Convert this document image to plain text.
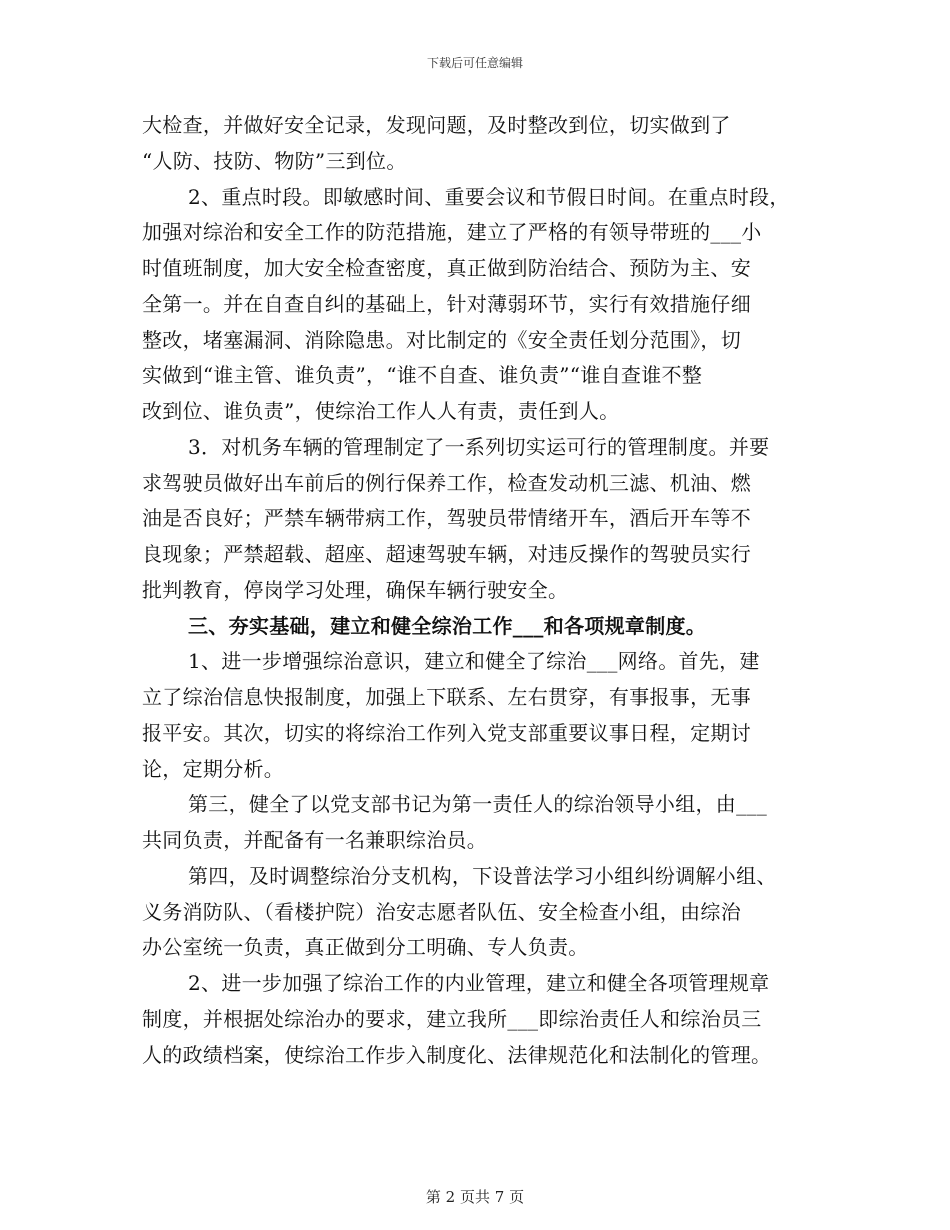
下载后可任意编辑
大检查，并做好安全记录，发现问题，及时整改到位，切实做到了
“人防、技防、物防”三到位。
2、重点时段。即敏感时间、重要会议和节假日时间。在重点时段，
加强对综治和安全工作的防范措施，建立了严格的有领导带班的___小
时值班制度，加大安全检查密度，真正做到防治结合、预防为主、安
全第一。并在自查自纠的基础上，针对薄弱环节，实行有效措施仔细
整改，堵塞漏洞、消除隐患。对比制定的《安全责任划分范围》，切
实做到“谁主管、谁负责”，“谁不自查、谁负责”“谁自查谁不整
改到位、谁负责”，使综治工作人人有责，责任到人。
3．对机务车辆的管理制定了一系列切实运可行的管理制度。并要
求驾驶员做好出车前后的例行保养工作，检查发动机三滤、机油、燃
油是否良好；严禁车辆带病工作，驾驶员带情绪开车，酒后开车等不
良现象；严禁超载、超座、超速驾驶车辆，对违反操作的驾驶员实行
批判教育，停岗学习处理，确保车辆行驶安全。
三、夯实基础，建立和健全综治工作___和各项规章制度。
1、进一步增强综治意识，建立和健全了综治___网络。首先，建
立了综治信息快报制度，加强上下联系、左右贯穿，有事报事，无事
报平安。其次，切实的将综治工作列入党支部重要议事日程，定期讨
论，定期分析。
第三，健全了以党支部书记为第一责任人的综治领导小组，由___
共同负责，并配备有一名兼职综治员。
第四，及时调整综治分支机构，下设普法学习小组纠纷调解小组、
义务消防队、（看楼护院）治安志愿者队伍、安全检查小组，由综治
办公室统一负责，真正做到分工明确、专人负责。
2、进一步加强了综治工作的内业管理，建立和健全各项管理规章
制度，并根据处综治办的要求，建立我所___即综治责任人和综治员三
人的政绩档案，使综治工作步入制度化、法律规范化和法制化的管理。
第 2 页共 7 页
